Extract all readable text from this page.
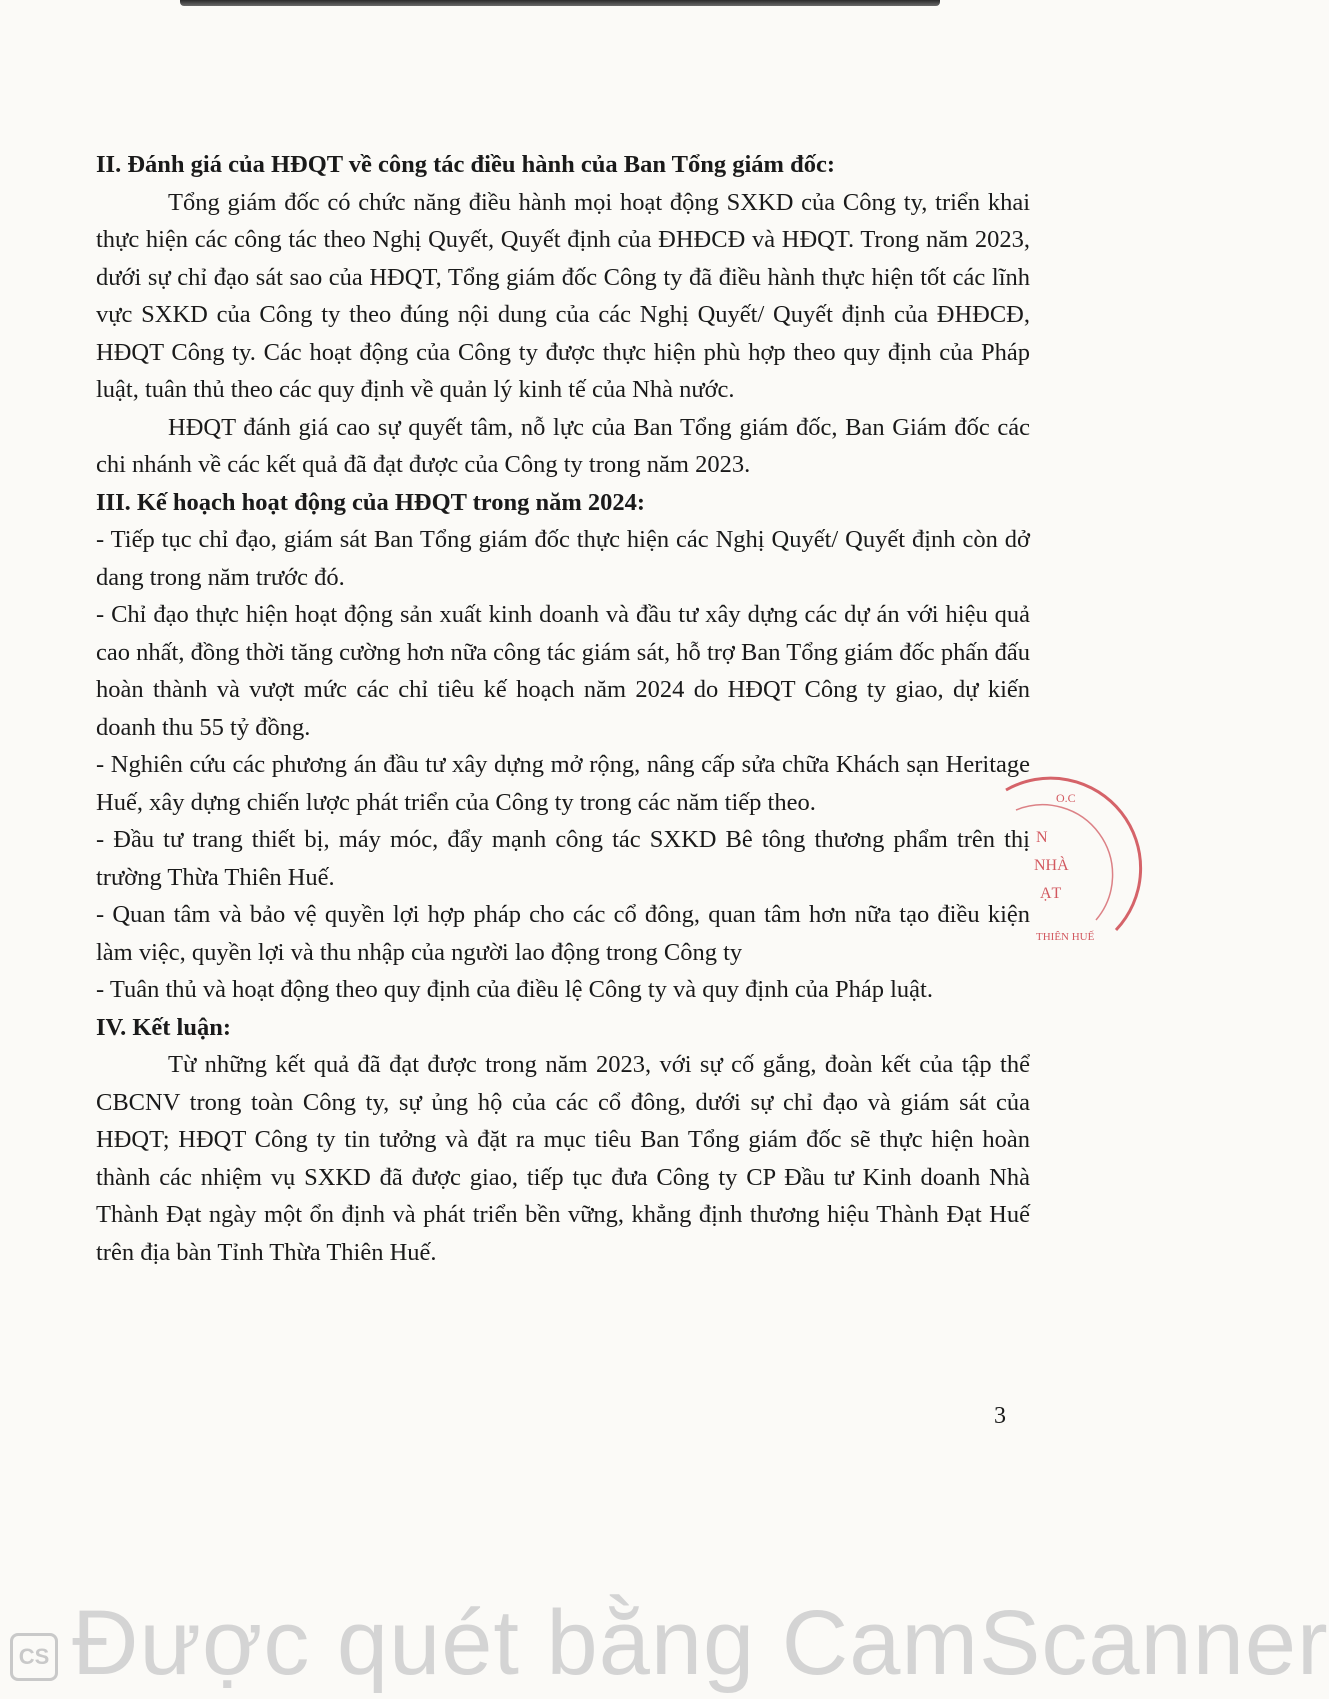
II. Đánh giá của HĐQT về công tác điều hành của Ban Tổng giám đốc:

Tổng giám đốc có chức năng điều hành mọi hoạt động SXKD của Công ty, triển khai thực hiện các công tác theo Nghị Quyết, Quyết định của ĐHĐCĐ và HĐQT. Trong năm 2023, dưới sự chỉ đạo sát sao của HĐQT, Tổng giám đốc Công ty đã điều hành thực hiện tốt các lĩnh vực SXKD của Công ty theo đúng nội dung của các Nghị Quyết/ Quyết định của ĐHĐCĐ, HĐQT Công ty. Các hoạt động của Công ty được thực hiện phù hợp theo quy định của Pháp luật, tuân thủ theo các quy định về quản lý kinh tế của Nhà nước.

HĐQT đánh giá cao sự quyết tâm, nỗ lực của Ban Tổng giám đốc, Ban Giám đốc các chi nhánh về các kết quả đã đạt được của Công ty trong năm 2023.

III. Kế hoạch hoạt động của HĐQT trong năm 2024:

- Tiếp tục chỉ đạo, giám sát Ban Tổng giám đốc thực hiện các Nghị Quyết/ Quyết định còn dở dang trong năm trước đó.

- Chỉ đạo thực hiện hoạt động sản xuất kinh doanh và đầu tư xây dựng các dự án với hiệu quả cao nhất, đồng thời tăng cường hơn nữa công tác giám sát, hỗ trợ Ban Tổng giám đốc phấn đấu hoàn thành và vượt mức các chỉ tiêu kế hoạch năm 2024 do HĐQT Công ty giao, dự kiến doanh thu 55 tỷ đồng.

- Nghiên cứu các phương án đầu tư xây dựng mở rộng, nâng cấp sửa chữa Khách sạn Heritage Huế, xây dựng chiến lược phát triển của Công ty trong các năm tiếp theo.

- Đầu tư trang thiết bị, máy móc, đẩy mạnh công tác SXKD Bê tông thương phẩm trên thị trường Thừa Thiên Huế.

- Quan tâm và bảo vệ quyền lợi hợp pháp cho các cổ đông, quan tâm hơn nữa tạo điều kiện làm việc, quyền lợi và thu nhập của người lao động trong Công ty

- Tuân thủ và hoạt động theo quy định của điều lệ Công ty và quy định của Pháp luật.

IV. Kết luận:

Từ những kết quả đã đạt được trong năm 2023, với sự cố gắng, đoàn kết của tập thể CBCNV trong toàn Công ty, sự ủng hộ của các cổ đông, dưới sự chỉ đạo và giám sát của HĐQT; HĐQT Công ty tin tưởng và đặt ra mục tiêu Ban Tổng giám đốc sẽ thực hiện hoàn thành các nhiệm vụ SXKD đã được giao, tiếp tục đưa Công ty CP Đầu tư Kinh doanh Nhà Thành Đạt ngày một ổn định và phát triển bền vững, khẳng định thương hiệu Thành Đạt Huế trên địa bàn Tỉnh Thừa Thiên Huế.

N
NHÀ
ẠT
O.C
THIÊN HUẾ
3
CS Được quét bằng CamScanner
